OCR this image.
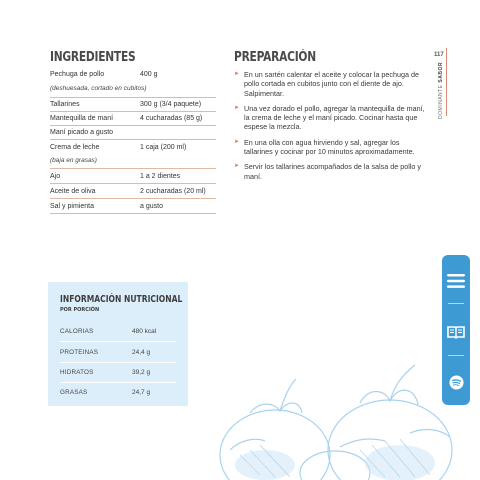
INGREDIENTES
Pechuga de pollo	400 g
(deshuesada, cortado en cubitos)
Tallarines	300 g (3/4 paquete)
Mantequilla de maní	4 cucharadas (85 g)
Maní picado a gusto
Crema de leche	1 caja (200 ml)
(baja en grasas)
Ajo	1 a 2 dientes
Aceite de oliva	2 cucharadas (20 ml)
Sal y pimienta	a gusto
PREPARACIÓN
► En un sartén calentar el aceite y colocar la pechuga de pollo cortada en cubitos junto con el diente de ajo. Salpimentar.
► Una vez dorado el pollo, agregar la mantequilla de maní, la crema de leche y el maní picado. Cocinar hasta que espese la mezcla.
► En una olla con agua hirviendo y sal, agregar los tallarines y cocinar por 10 minutos aproximadamente.
► Servir los tallarines acompañados de la salsa de pollo y maní.
117
DOMINANTE SABOR
INFORMACIÓN NUTRICIONAL
POR PORCIÓN
CALORIAS	480 kcal
PROTEINAS	24,4 g
HIDRATOS	39,2 g
GRASAS	24,7 g
